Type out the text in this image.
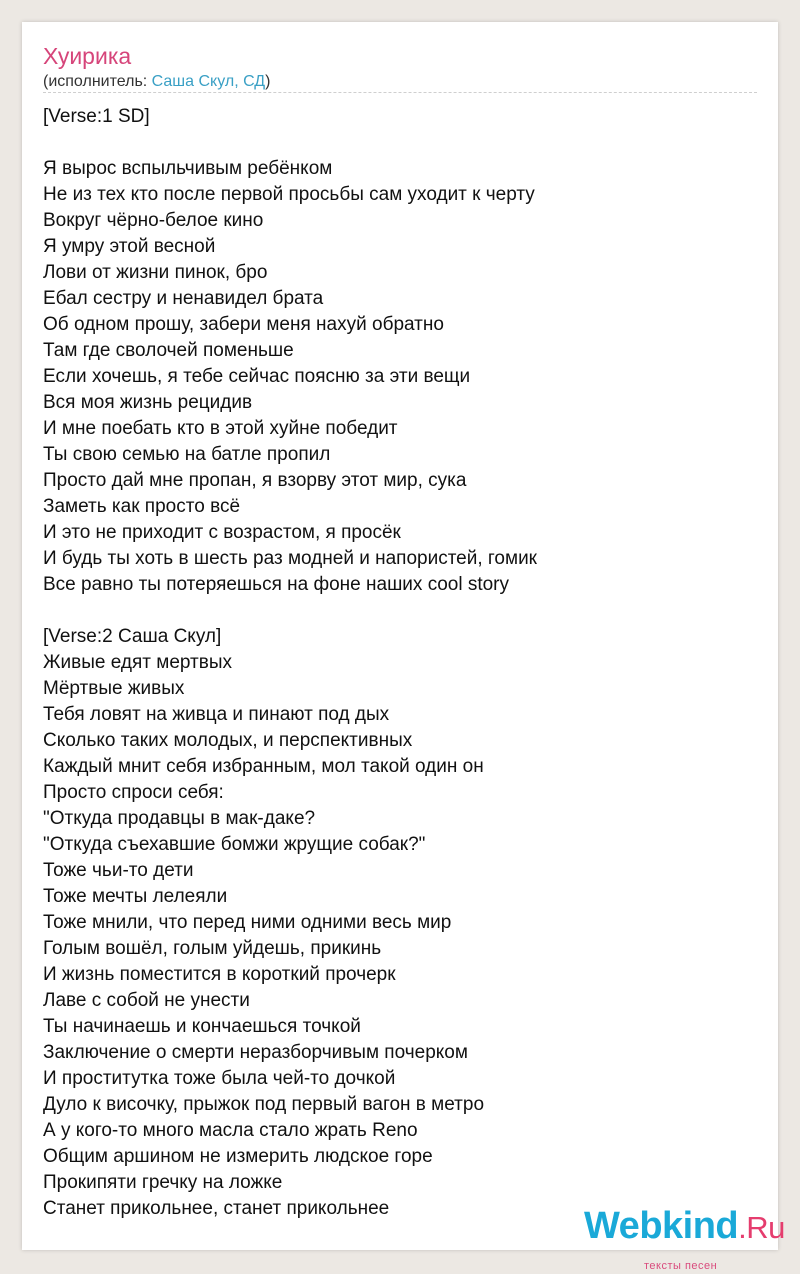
Хуирика
(исполнитель: Саша Скул, СД)
[Verse:1 SD]
Я вырос вспыльчивым ребёнком
Не из тех кто после первой просьбы сам уходит к черту
Вокруг чёрно-белое кино
Я умру этой весной
Лови от жизни пинок, бро
Ебал сестру и ненавидел брата
Об одном прошу, забери меня нахуй обратно
Там где сволочей поменьше
Если хочешь, я тебе сейчас поясню за эти вещи
Вся моя жизнь рецидив
И мне поебать кто в этой хуйне победит
Ты свою семью на батле пропил
Просто дай мне пропан, я взорву этот мир, сука
Заметь как просто всё
И это не приходит с возрастом, я просёк
И будь ты хоть в шесть раз модней и напористей, гомик
Все равно ты потеряешься на фоне наших cool story
[Verse:2 Саша Скул]
Живые едят мертвых
Мёртвые живых
Тебя ловят на живца и пинают под дых
Сколько таких молодых, и перспективных
Каждый мнит себя избранным, мол такой один он
Просто спроси себя:
"Откуда продавцы в мак-даке?
"Откуда съехавшие бомжи жрущие собак?"
Тоже чьи-то дети
Тоже мечты лелеяли
Тоже мнили, что перед ними одними весь мир
Голым вошёл, голым уйдешь, прикинь
И жизнь поместится в короткий прочерк
Лаве с собой не унести
Ты начинаешь и кончаешься точкой
Заключение о смерти неразборчивым почерком
И проститутка тоже была чей-то дочкой
Дуло к височку, прыжок под первый вагон в метро
А у кого-то много масла стало жрать Reno
Общим аршином не измерить людское горе
Прокипяти гречку на ложке
Станет прикольнее, станет прикольнее	Webkind.Ru
тексты песен
